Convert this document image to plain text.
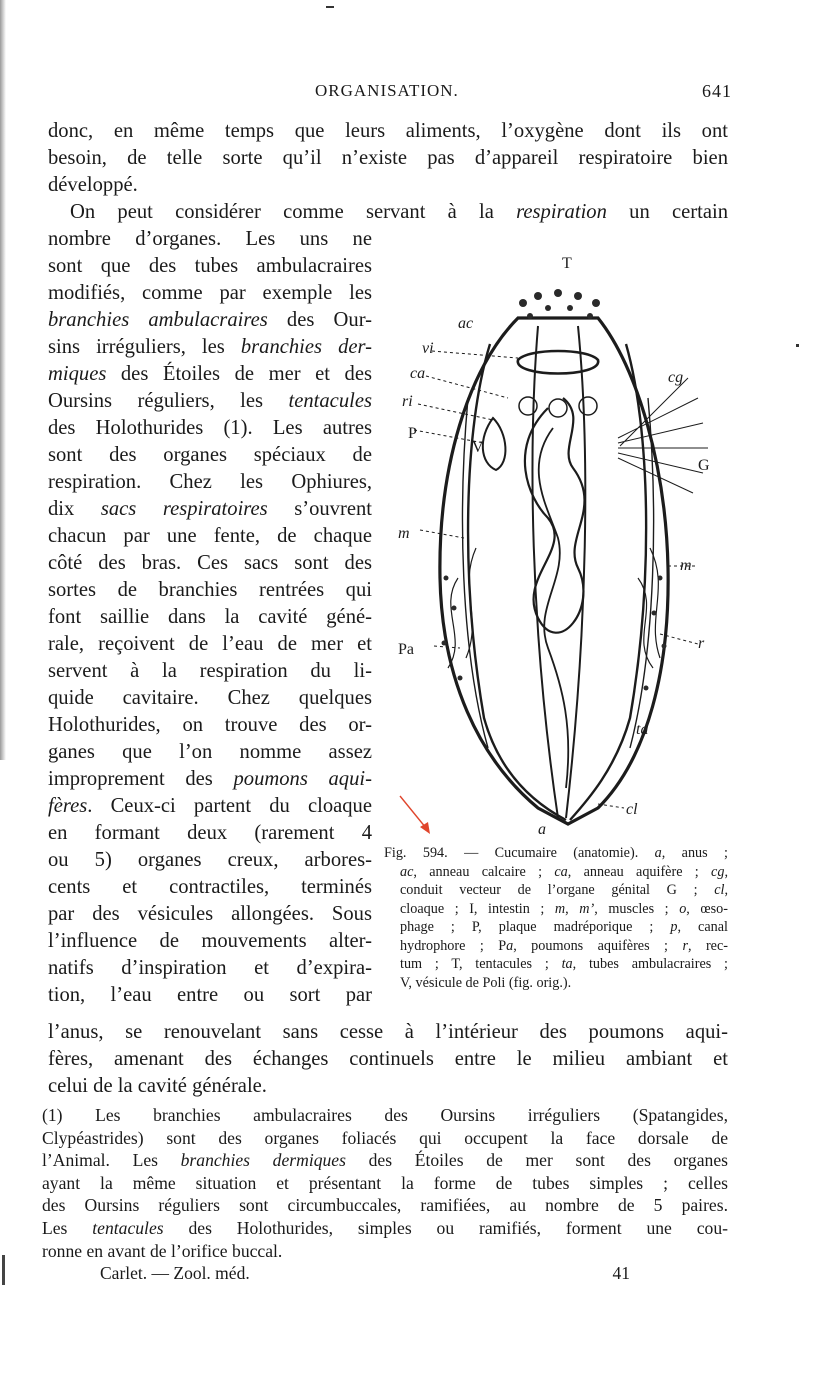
ORGANISATION.	641
donc, en même temps que leurs aliments, l’oxygène dont ils ont
besoin, de telle sorte qu’il n’existe pas d’appareil respiratoire bien
développé.
On peut considérer comme servant à la respiration un certain
nombre d’organes. Les uns ne
sont que des tubes ambulacraires
modifiés, comme par exemple les
branchies ambulacraires des Our-
sins irréguliers, les branchies der-
miques des Étoiles de mer et des
Oursins réguliers, les tentacules
des Holothurides (1). Les autres
sont des organes spéciaux de
respiration. Chez les Ophiures,
dix sacs respiratoires s’ouvrent
chacun par une fente, de chaque
côté des bras. Ces sacs sont des
sortes de branchies rentrées qui
font saillie dans la cavité géné-
rale, reçoivent de l’eau de mer et
servent à la respiration du li-
quide cavitaire. Chez quelques
Holothurides, on trouve des or-
ganes que l’on nomme assez
improprement des poumons aqui-
fères. Ceux-ci partent du cloaque
en formant deux (rarement 4
ou 5) organes creux, arbores-
cents et contractiles, terminés
par des vésicules allongées. Sous
l’influence de mouvements alter-
natifs d’inspiration et d’expira-
tion, l’eau entre ou sort par
l’anus, se renouvelant sans cesse à l’intérieur des poumons aqui-
fères, amenant des échanges continuels entre le milieu ambiant et
celui de la cavité générale.
T
ac
vi
ca
ri
P
V
cg
G
m
m
Pa	r
ta
cl
a
Fig. 594. — Cucumaire (anatomie). a, anus ;
ac, anneau calcaire ; ca, anneau aquifère ; cg,
conduit vecteur de l’organe génital G ; cl,
cloaque ; I, intestin ; m, m’, muscles ; o, œso-
phage ; P, plaque madréporique ; p, canal
hydrophore ; Pa, poumons aquifères ; r, rec-
tum ; T, tentacules ; ta, tubes ambulacraires ;
V, vésicule de Poli (fig. orig.).
(1) Les branchies ambulacraires des Oursins irréguliers (Spatangides,
Clypéastrides) sont des organes foliacés qui occupent la face dorsale de
l’Animal. Les branchies dermiques des Étoiles de mer sont des organes
ayant la même situation et présentant la forme de tubes simples ; celles
des Oursins réguliers sont circumbuccales, ramifiées, au nombre de 5 paires.
Les tentacules des Holothurides, simples ou ramifiés, forment une cou-
ronne en avant de l’orifice buccal.
Carlet. — Zool. méd.	41
